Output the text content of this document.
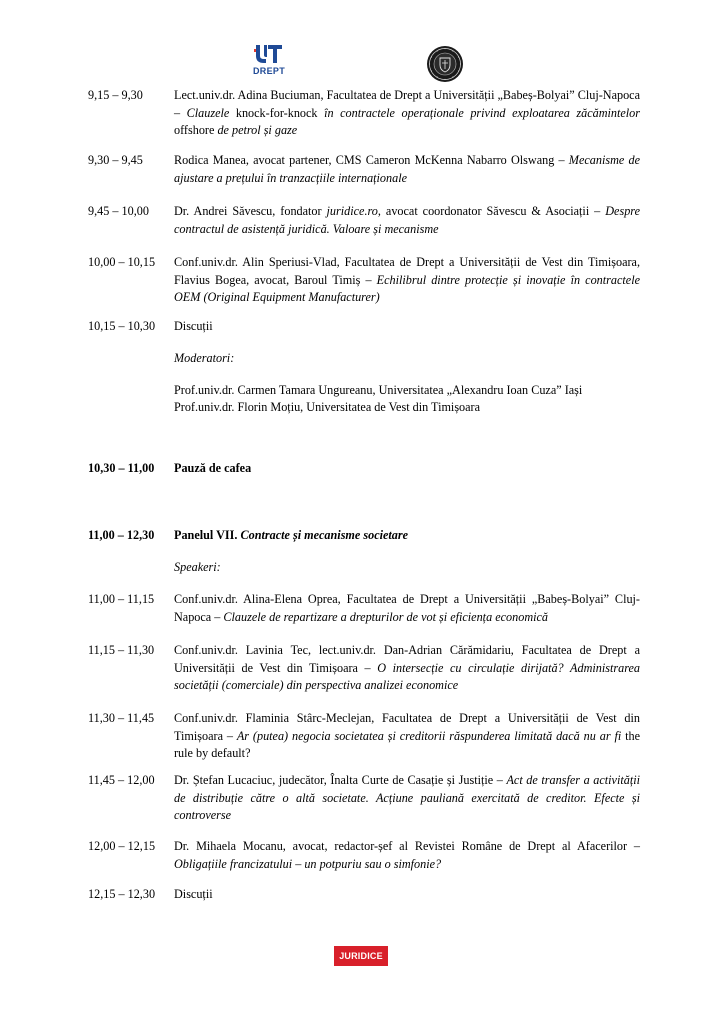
DREPT
9,15 – 9,30	Lect.univ.dr. Adina Buciuman, Facultatea de Drept a Universității „Babeș-Bolyai” Cluj-Napoca – Clauzele knock-for-knock în contractele operaționale privind exploatarea zăcămintelor offshore de petrol și gaze
9,30 – 9,45	Rodica Manea, avocat partener, CMS Cameron McKenna Nabarro Olswang – Mecanisme de ajustare a prețului în tranzacțiile internaționale
9,45 – 10,00	Dr. Andrei Săvescu, fondator juridice.ro, avocat coordonator Săvescu & Asociații – Despre contractul de asistență juridică. Valoare și mecanisme
10,00 – 10,15	Conf.univ.dr. Alin Speriusi-Vlad, Facultatea de Drept a Universității de Vest din Timișoara, Flavius Bogea, avocat, Baroul Timiș – Echilibrul dintre protecție și inovație în contractele OEM (Original Equipment Manufacturer)
10,15 – 10,30	Discuții
Moderatori:
Prof.univ.dr. Carmen Tamara Ungureanu, Universitatea „Alexandru Ioan Cuza” Iași
Prof.univ.dr. Florin Moțiu, Universitatea de Vest din Timișoara
10,30 – 11,00	Pauză de cafea
11,00 – 12,30	Panelul VII. Contracte și mecanisme societare
Speakeri:
11,00 – 11,15	Conf.univ.dr. Alina-Elena Oprea, Facultatea de Drept a Universității „Babeș-Bolyai” Cluj-Napoca – Clauzele de repartizare a drepturilor de vot și eficiența economică
11,15 – 11,30	Conf.univ.dr. Lavinia Tec, lect.univ.dr. Dan-Adrian Cărămidariu, Facultatea de Drept a Universității de Vest din Timișoara – O intersecție cu circulație dirijată? Administrarea societății (comerciale) din perspectiva analizei economice
11,30 – 11,45	Conf.univ.dr. Flaminia Stârc-Meclejan, Facultatea de Drept a Universității de Vest din Timișoara – Ar (putea) negocia societatea și creditorii răspunderea limitată dacă nu ar fi the rule by default?
11,45 – 12,00	Dr. Ștefan Lucaciuc, judecător, Înalta Curte de Casație și Justiție – Act de transfer a activității de distribuție către o altă societate. Acțiune pauliană exercitată de creditor. Efecte și controverse
12,00 – 12,15	Dr. Mihaela Mocanu, avocat, redactor-șef al Revistei Române de Drept al Afacerilor – Obligațiile francizatului – un potpuriu sau o simfonie?
12,15 – 12,30	Discuții
JURIDICE
